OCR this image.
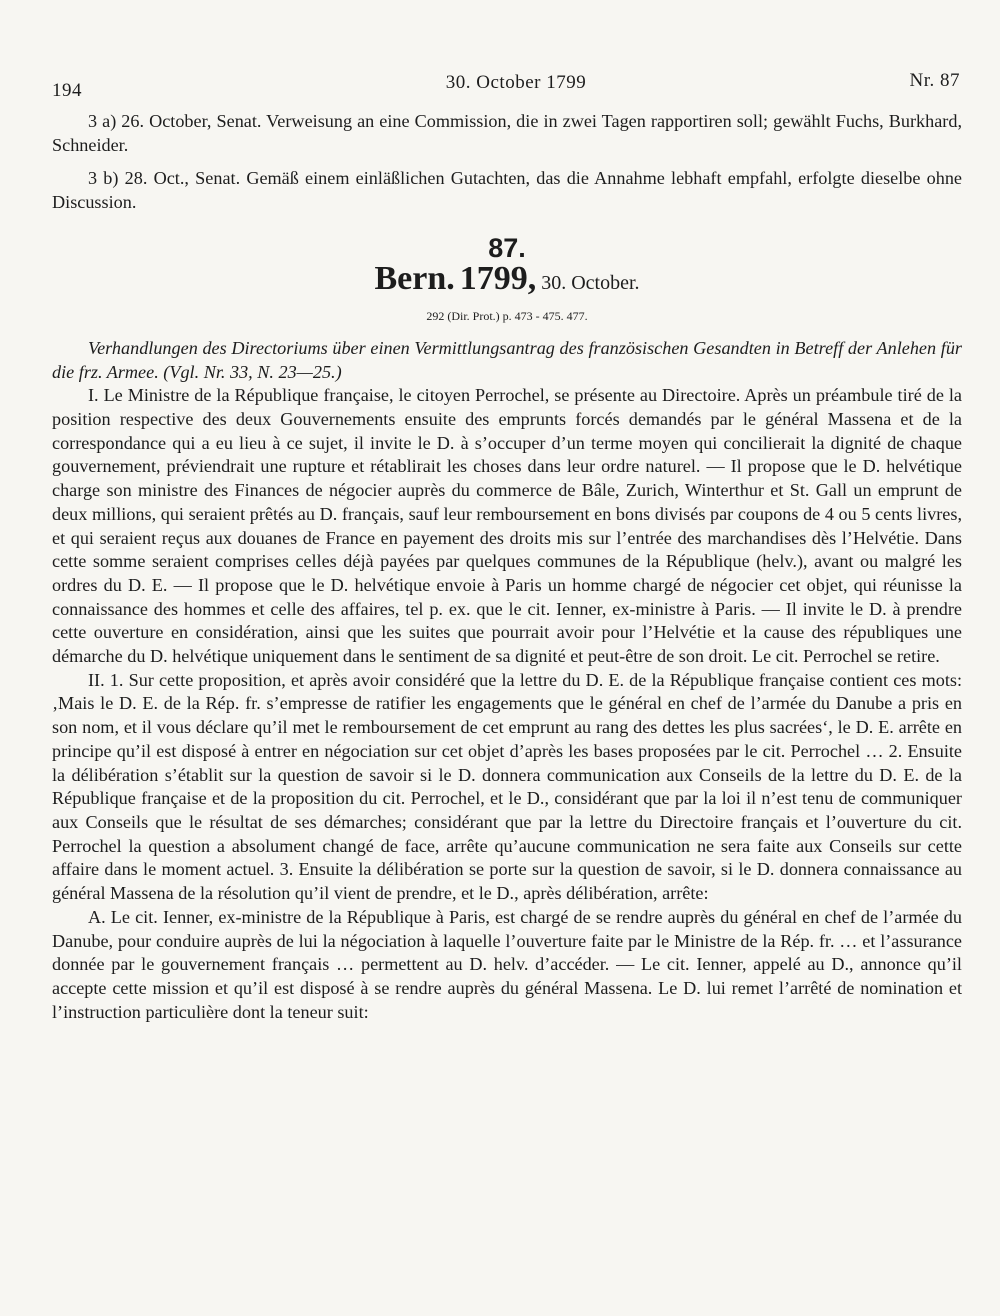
194	30. October 1799	Nr. 87

3 a) 26. October, Senat. Verweisung an eine Commission, die in zwei Tagen rapportiren soll; gewählt Fuchs, Burkhard, Schneider.

3 b) 28. Oct., Senat. Gemäß einem einläßlichen Gutachten, das die Annahme lebhaft empfahl, erfolgte dieselbe ohne Discussion.

87.
Bern. 1799, 30. October.
292 (Dir. Prot.) p. 473 - 475. 477.

Verhandlungen des Directoriums über einen Vermittlungsantrag des französischen Gesandten in Betreff der Anlehen für die frz. Armee. (Vgl. Nr. 33, N. 23—25.)

I. Le Ministre de la République française, le citoyen Perrochel, se présente au Directoire. Après un préambule tiré de la position respective des deux Gouvernements ensuite des emprunts forcés demandés par le général Massena et de la correspondance qui a eu lieu à ce sujet, il invite le D. à s’occuper d’un terme moyen qui concilierait la dignité de chaque gouvernement, préviendrait une rupture et rétablirait les choses dans leur ordre naturel. — Il propose que le D. helvétique charge son ministre des Finances de négocier auprès du commerce de Bâle, Zurich, Winterthur et St. Gall un emprunt de deux millions, qui seraient prêtés au D. français, sauf leur remboursement en bons divisés par coupons de 4 ou 5 cents livres, et qui seraient reçus aux douanes de France en payement des droits mis sur l’entrée des marchandises dès l’Helvétie. Dans cette somme seraient comprises celles déjà payées par quelques communes de la République (helv.), avant ou malgré les ordres du D. E. — Il propose que le D. helvétique envoie à Paris un homme chargé de négocier cet objet, qui réunisse la connaissance des hommes et celle des affaires, tel p. ex. que le cit. Ienner, ex-ministre à Paris. — Il invite le D. à prendre cette ouverture en considération, ainsi que les suites que pourrait avoir pour l’Helvétie et la cause des républiques une démarche du D. helvétique uniquement dans le sentiment de sa dignité et peut-être de son droit. Le cit. Perrochel se retire.

II. 1. Sur cette proposition, et après avoir considéré que la lettre du D. E. de la République française contient ces mots: ‚Mais le D. E. de la Rép. fr. s’empresse de ratifier les engagements que le général en chef de l’armée du Danube a pris en son nom, et il vous déclare qu’il met le remboursement de cet emprunt au rang des dettes les plus sacrées‘, le D. E. arrête en principe qu’il est disposé à entrer en négociation sur cet objet d’après les bases proposées par le cit. Perrochel … 2. Ensuite la délibération s’établit sur la question de savoir si le D. donnera communication aux Conseils de la lettre du D. E. de la République française et de la proposition du cit. Perrochel, et le D., considérant que par la loi il n’est tenu de communiquer aux Conseils que le résultat de ses démarches; considérant que par la lettre du Directoire français et l’ouverture du cit. Perrochel la question a absolument changé de face, arrête qu’aucune communication ne sera faite aux Conseils sur cette affaire dans le moment actuel. 3. Ensuite la délibération se porte sur la question de savoir, si le D. donnera connaissance au général Massena de la résolution qu’il vient de prendre, et le D., après délibération, arrête:

A. Le cit. Ienner, ex-ministre de la République à Paris, est chargé de se rendre auprès du général en chef de l’armée du Danube, pour conduire auprès de lui la négociation à laquelle l’ouverture faite par le Ministre de la Rép. fr. … et l’assurance donnée par le gouvernement français … permettent au D. helv. d’accéder. — Le cit. Ienner, appelé au D., annonce qu’il accepte cette mission et qu’il est disposé à se rendre auprès du général Massena. Le D. lui remet l’arrêté de nomination et l’instruction particulière dont la teneur suit:
